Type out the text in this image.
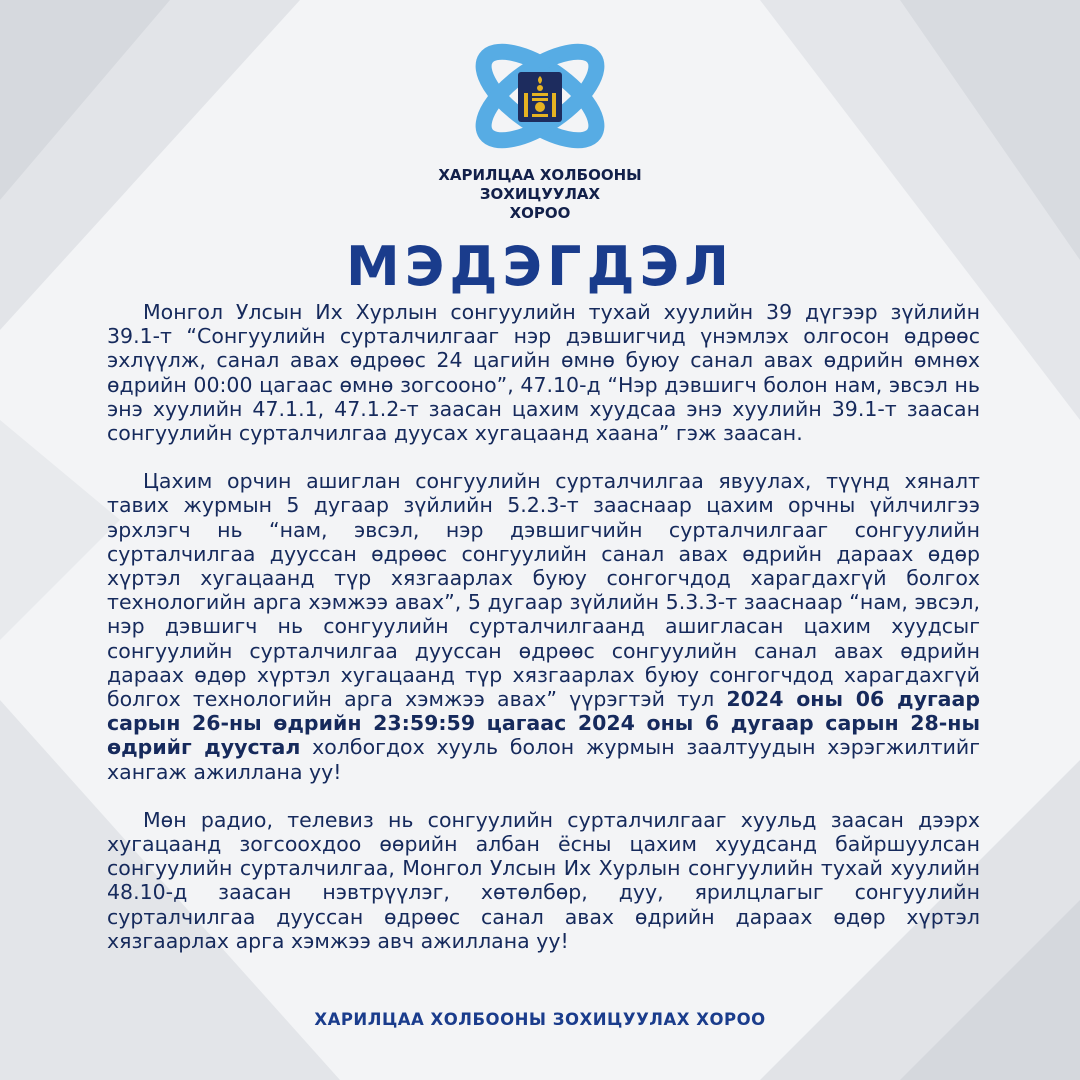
ХАРИЛЦАА ХОЛБООНЫ
ЗОХИЦУУЛАХ
ХОРОО
МЭДЭГДЭЛ

Монгол Улсын Их Хурлын сонгуулийн тухай хуулийн 39 дүгээр зүйлийн 39.1-т “Сонгуулийн сурталчилгааг нэр дэвшигчид үнэмлэх олгосон өдрөөс эхлүүлж, санал авах өдрөөс 24 цагийн өмнө буюу санал авах өдрийн өмнөх өдрийн 00:00 цагаас өмнө зогсооно”, 47.10-д “Нэр дэвшигч болон нам, эвсэл нь энэ хуулийн 47.1.1, 47.1.2-т заасан цахим хуудсаа энэ хуулийн 39.1-т заасан сонгуулийн сурталчилгаа дуусах хугацаанд хаана” гэж заасан.

Цахим орчин ашиглан сонгуулийн сурталчилгаа явуулах, түүнд хяналт тавих журмын 5 дугаар зүйлийн 5.2.3-т зааснаар цахим орчны үйлчилгээ эрхлэгч нь “нам, эвсэл, нэр дэвшигчийн сурталчилгааг сонгуулийн сурталчилгаа дууссан өдрөөс сонгуулийн санал авах өдрийн дараах өдөр хүртэл хугацаанд түр хязгаарлах буюу сонгогчдод харагдахгүй болгох технологийн арга хэмжээ авах”, 5 дугаар зүйлийн 5.3.3-т зааснаар “нам, эвсэл, нэр дэвшигч нь сонгуулийн сурталчилгаанд ашигласан цахим хуудсыг сонгуулийн сурталчилгаа дууссан өдрөөс сонгуулийн санал авах өдрийн дараах өдөр хүртэл хугацаанд түр хязгаарлах буюу сонгогчдод харагдахгүй болгох технологийн арга хэмжээ авах” үүрэгтэй тул 2024 оны 06 дугаар сарын 26-ны өдрийн 23:59:59 цагаас 2024 оны 6 дугаар сарын 28-ны өдрийг дуустал холбогдох хууль болон журмын заалтуудын хэрэгжилтийг хангаж ажиллана уу!

Мөн радио, телевиз нь сонгуулийн сурталчилгааг хуульд заасан дээрх хугацаанд зогсоохдоо өөрийн албан ёсны цахим хуудсанд байршуулсан сонгуулийн сурталчилгаа, Монгол Улсын Их Хурлын сонгуулийн тухай хуулийн 48.10-д заасан нэвтрүүлэг, хөтөлбөр, дуу, ярилцлагыг сонгуулийн сурталчилгаа дууссан өдрөөс санал авах өдрийн дараах өдөр хүртэл хязгаарлах арга хэмжээ авч ажиллана уу!

ХАРИЛЦАА ХОЛБООНЫ ЗОХИЦУУЛАХ ХОРОО
